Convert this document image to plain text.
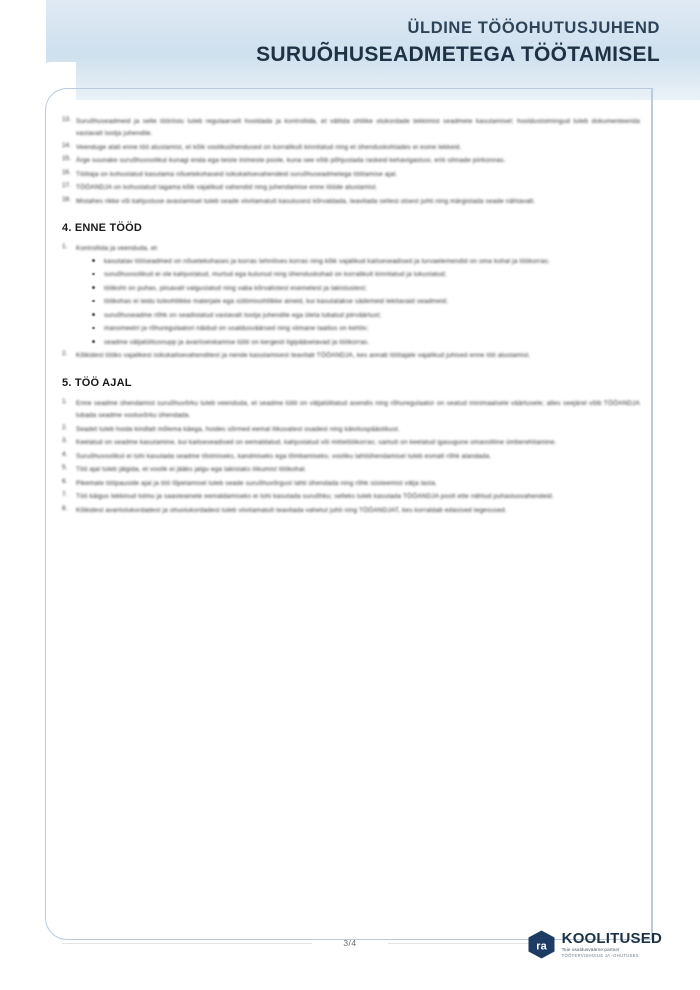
ÜLDINE TÖÖOHUTUSJUHEND
SURUÕHUSEADMETEGA TÖÖTAMISEL
13. Suruõhuseadmeid ja selle tööriistu tuleb regulaarselt hooldada ja kontrollida, et vältida ohtlike olukordade tekkimist seadmete kasutamisel; hooldustoimingud tuleb dokumenteerida vastavalt tootja juhendile.
14. Veenduge alati enne töö alustamist, et kõik voolikuühendused on korralikult kinnitatud ning et ühenduskohtades ei esine lekkeid.
15. Ärge suunake suruõhuvoolikut kunagi enda ega teiste inimeste poole, kuna see võib põhjustada raskeid kehavigastusi, eriti silmade piirkonnas.
16. Töötaja on kohustatud kasutama nõuetekohaseid isikukaitsevahendeid suruõhuseadmetega töötamise ajal.
17. TÖÖANDJA on kohustatud tagama kõik vajalikud vahendid ning juhendamise enne tööde alustamist.
18. Mistahes rikke või kahjustuse avastamisel tuleb seade viivitamatult kasutusest kõrvaldada, teavitada sellest otsest juhti ning märgistada seade nähtavalt.
4. ENNE TÖÖD
1. Kontrollida ja veenduda, et:
kasutatav tööseadmed on nõuetekohases ja korras tehnilises korras ning kõik vajalikud kaitseseadised ja turvaelemendid on oma kohal ja töökorras;
suruõhuvoolikud ei ole kahjustatud, murtud ega kulunud ning ühenduskohad on korralikult kinnitatud ja lukustatud;
töökoht on puhas, piisavalt valgustatud ning vaba kõrvalistest esemetest ja takistustest;
töökohas ei leidu tuleohtlikke materjale ega süttimisohtlikke aineid, kui kasutatakse sädemeid tekitavaid seadmeid;
suruõhuseadme rõhk on seadistatud vastavalt tootja juhendile ega ületa lubatud piirväärtust;
manomeetri ja rõhuregulaatori näidud on usaldusväärsed ning viimane taatlus on kehtiv;
seadme väljalülitusnupp ja avariiseiskamise lüliti on kergesti ligipääsetavad ja töökorras.
2. Kõikidest tööks vajalikest isikukaitsevahenditest ja nende kasutamisest teavitab TÖÖANDJA, kes annab töötajale vajalikud juhised enne töö alustamist.
5. TÖÖ AJAL
1. Enne seadme ühendamist suruõhuvõrku tuleb veenduda, et seadme lüliti on väljalülitatud asendis ning rõhuregulaator on seatud minimaalsele väärtusele; alles seejärel võib TÖÖANDJA lubada seadme vooluvõrku ühendada.
2. Seadet tuleb hoida kindlalt mõlema käega, hoides sõrmed eemal liikuvatest osadest ning käivituspäästikust.
3. Keelatud on seadme kasutamine, kui kaitseseadised on eemaldatud, kahjustatud või mittetöökorras; samuti on keelatud igasugune omavoliline ümberehitamine.
4. Suruõhuvoolikut ei tohi kasutada seadme tõstmiseks, kandmiseks ega tõmbamiseks; vooliku lahtiühendamisel tuleb esmalt rõhk alandada.
5. Töö ajal tuleb jälgida, et voolik ei jääks jalgu ega takistaks liikumist töökohal.
6. Pikemate tööpauside ajal ja töö lõpetamisel tuleb seade suruõhuvõrgust lahti ühendada ning rõhk süsteemist välja lasta.
7. Töö käigus tekkinud tolmu ja saasteainete eemaldamiseks ei tohi kasutada suruõhku; selleks tuleb kasutada TÖÖANDJA poolt ette nähtud puhastusvahendeid.
8. Kõikidest avariiolukordadest ja ohuolukordadest tuleb viivitamatult teavitada vahetut juhti ning TÖÖANDJAT, kes korraldab edasised tegevused.
3/4	ra KOOLITUSED
Teie usaldusväärne partner
TÖÖTERVISHOIUS JA -OHUTUSES
